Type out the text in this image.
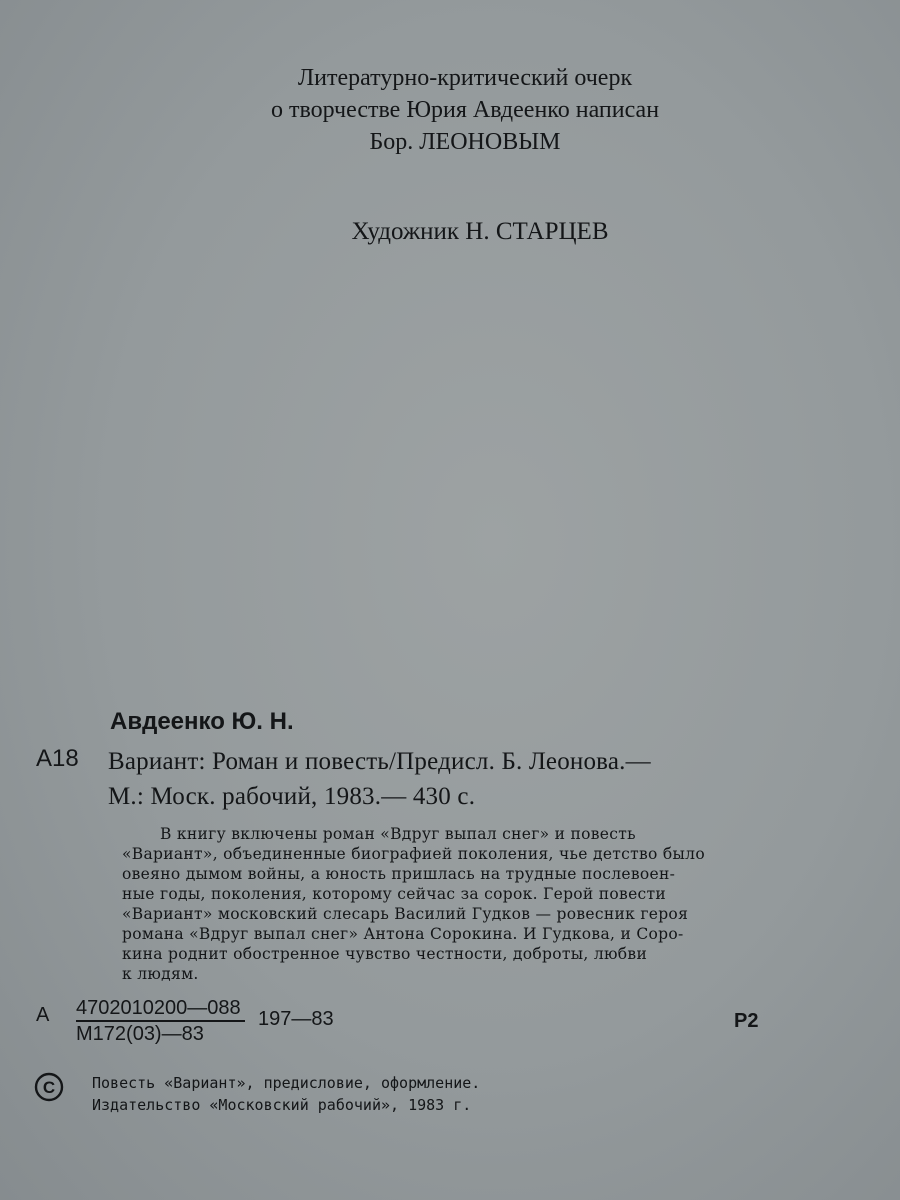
Литературно-критический очерк
о творчестве Юрия Авдеенко написан
Бор. ЛЕОНОВЫМ
Художник Н. СТАРЦЕВ
Авдеенко Ю. Н.
А18 Вариант: Роман и повесть/Предисл. Б. Леонова.—
М.: Моск. рабочий, 1983.— 430 с.
В книгу включены роман «Вдруг выпал снег» и повесть
«Вариант», объединенные биографией поколения, чье детство было
овеяно дымом войны, а юность пришлась на трудные послевоен-
ные годы, поколения, которому сейчас за сорок. Герой повести
«Вариант» московский слесарь Василий Гудков — ровесник героя
романа «Вдруг выпал снег» Антона Сорокина. И Гудкова, и Соро-
кина роднит обостренное чувство честности, доброты, любви
к людям.
А 4702010200—088
М172(03)—83
197—83	Р2
C Повесть «Вариант», предисловие, оформление.
Издательство «Московский рабочий», 1983 г.
